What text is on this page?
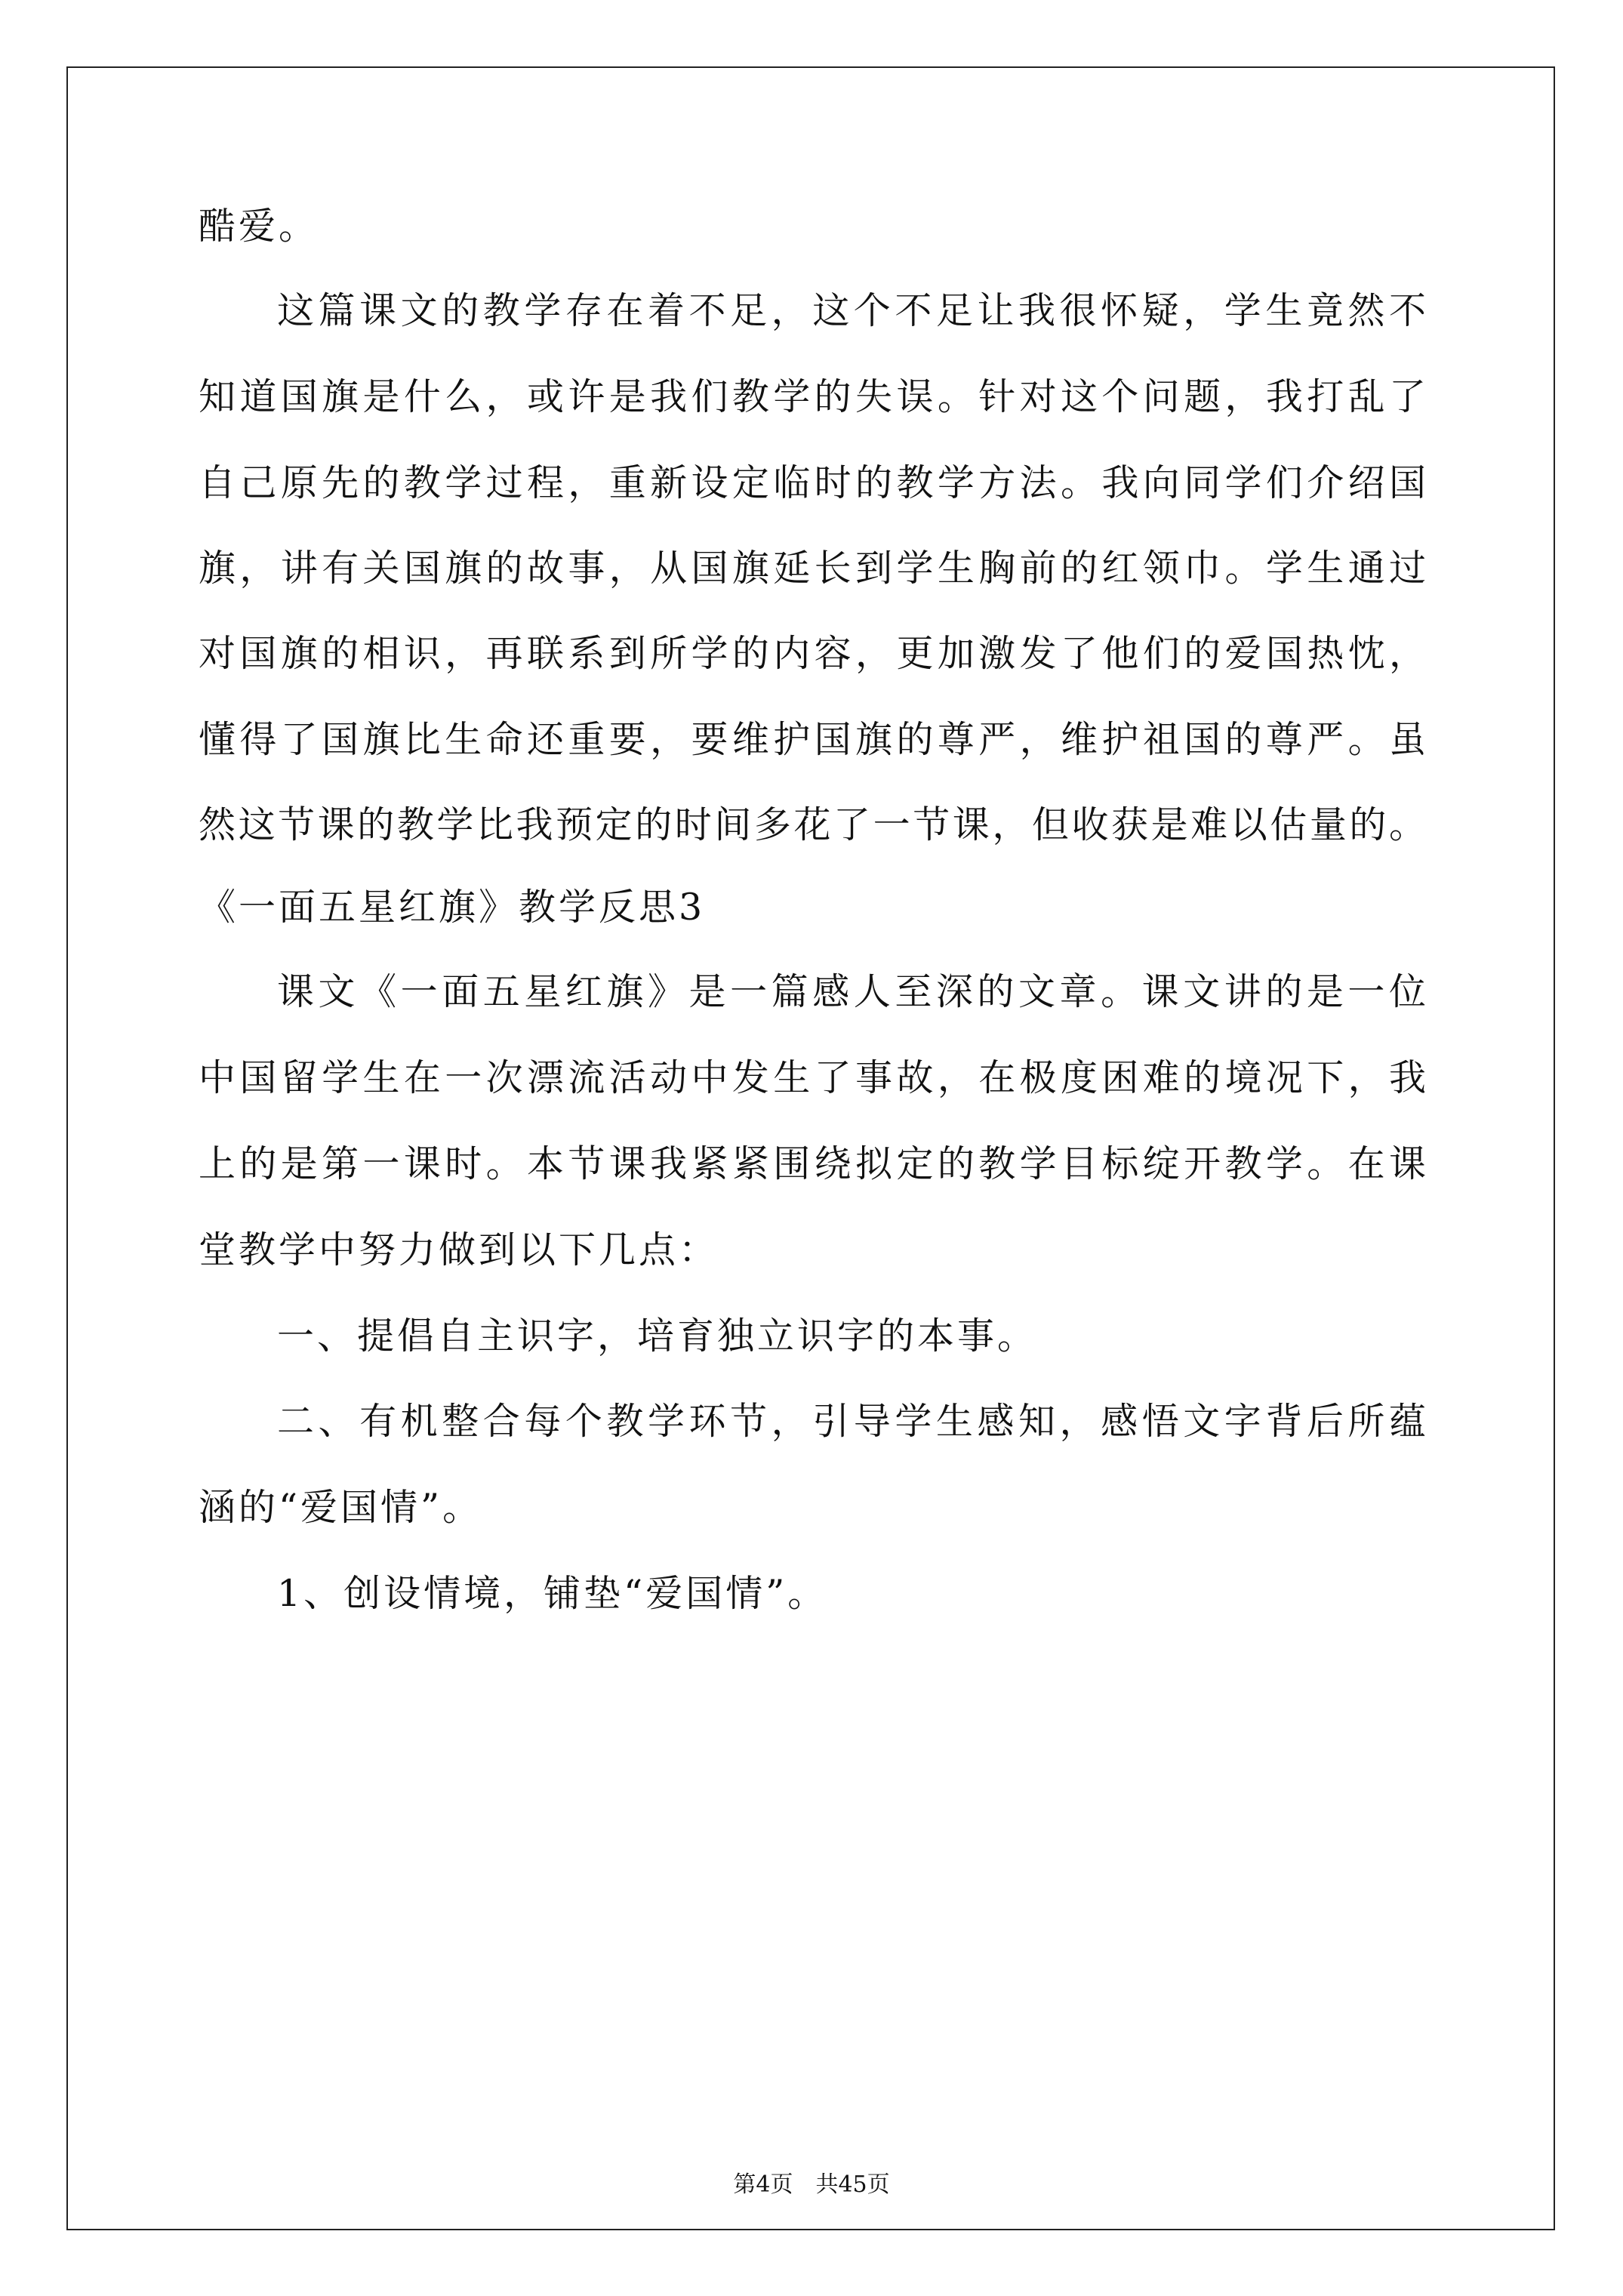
酷爱。
这篇课文的教学存在着不足，这个不足让我很怀疑，学生竟然不
知道国旗是什么，或许是我们教学的失误。针对这个问题，我打乱了
自己原先的教学过程，重新设定临时的教学方法。我向同学们介绍国
旗，讲有关国旗的故事，从国旗延长到学生胸前的红领巾。学生通过
对国旗的相识，再联系到所学的内容，更加激发了他们的爱国热忱，
懂得了国旗比生命还重要，要维护国旗的尊严，维护祖国的尊严。虽
然这节课的教学比我预定的时间多花了一节课，但收获是难以估量的。
《一面五星红旗》教学反思3
课文《一面五星红旗》是一篇感人至深的文章。课文讲的是一位
中国留学生在一次漂流活动中发生了事故，在极度困难的境况下，我
上的是第一课时。本节课我紧紧围绕拟定的教学目标绽开教学。在课
堂教学中努力做到以下几点：
一、提倡自主识字，培育独立识字的本事。
二、有机整合每个教学环节，引导学生感知，感悟文字背后所蕴
涵的“爱国情”。
1、创设情境，铺垫“爱国情”。
第4页　共45页
